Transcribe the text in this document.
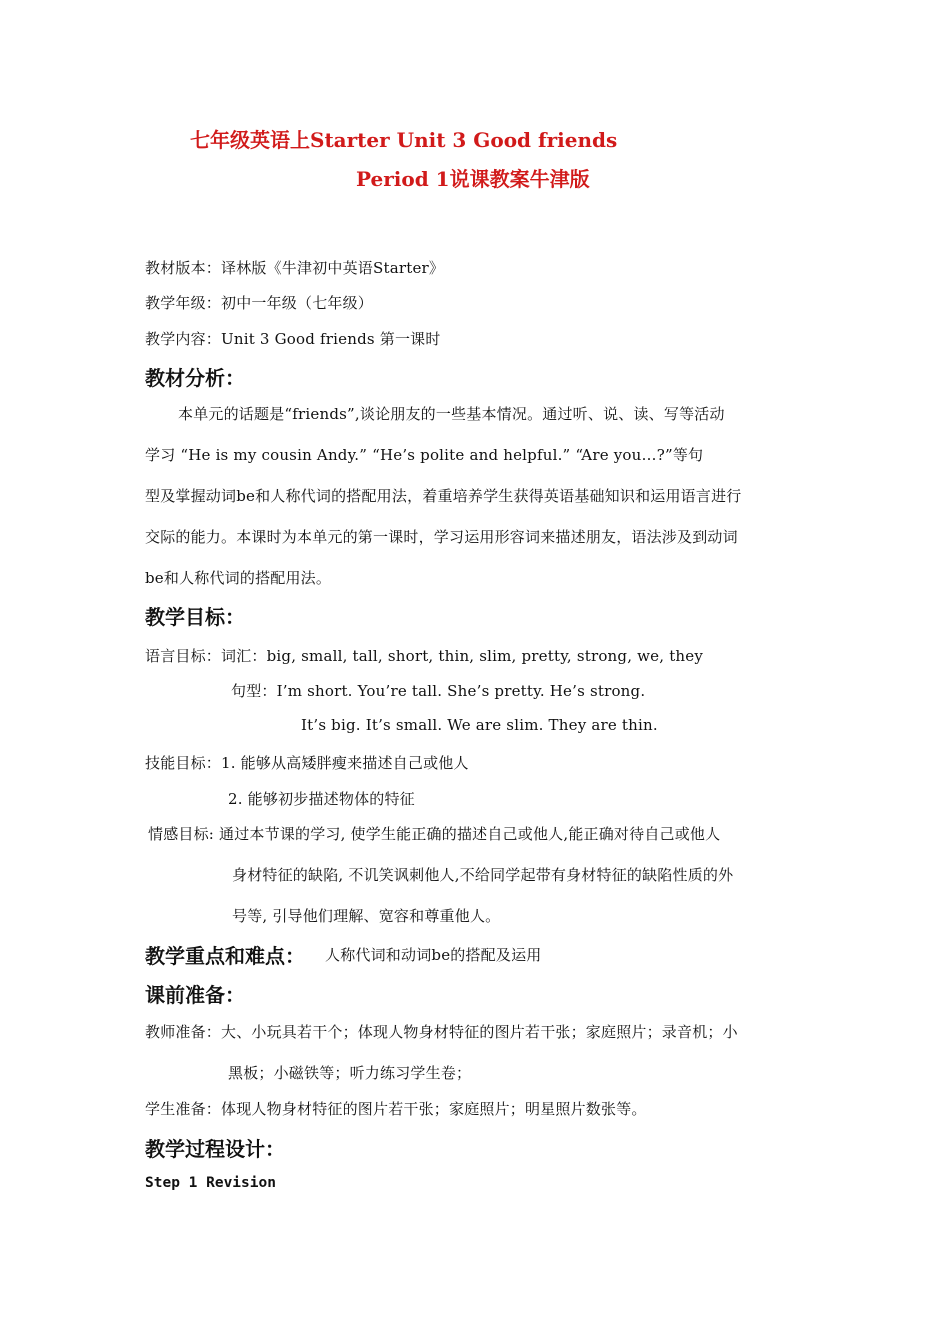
七年级英语上Starter Unit 3 Good friends
Period 1说课教案牛津版
教材版本：译林版《牛津初中英语Starter》
教学年级：初中一年级（七年级）
教学内容：Unit 3 Good friends 第一课时
教材分析：
本单元的话题是“friends”,谈论朋友的一些基本情况。通过听、说、读、写等活动
学习 “He is my cousin Andy.” “He’s polite and helpful.” “Are you…?”等句
型及掌握动词be和人称代词的搭配用法，着重培养学生获得英语基础知识和运用语言进行
交际的能力。本课时为本单元的第一课时，学习运用形容词来描述朋友，语法涉及到动词
be和人称代词的搭配用法。
教学目标：
语言目标：词汇：big, small, tall, short, thin, slim, pretty, strong, we, they
句型：I’m short. You’re tall. She’s pretty. He’s strong.
It’s big. It’s small. We are slim. They are thin.
技能目标：1. 能够从高矮胖瘦来描述自己或他人
2. 能够初步描述物体的特征
情感目标: 通过本节课的学习, 使学生能正确的描述自己或他人,能正确对待自己或他人
身材特征的缺陷, 不讥笑讽刺他人,不给同学起带有身材特征的缺陷性质的外
号等, 引导他们理解、宽容和尊重他人。
教学重点和难点： 人称代词和动词be的搭配及运用
课前准备：
教师准备：大、小玩具若干个；体现人物身材特征的图片若干张；家庭照片；录音机；小
黑板；小磁铁等；听力练习学生卷；
学生准备：体现人物身材特征的图片若干张；家庭照片；明星照片数张等。
教学过程设计：
Step 1 Revision
